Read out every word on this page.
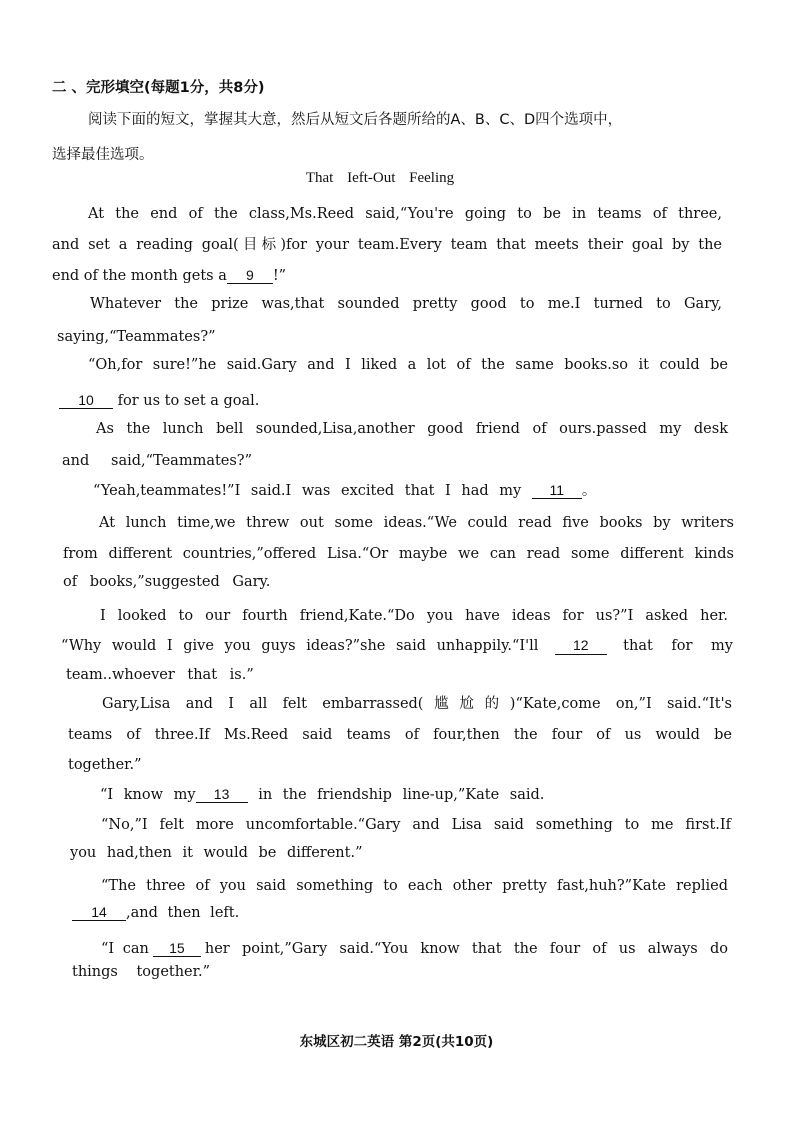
二 、完形填空(每题1分，共8分)
阅读下面的短文，掌握其大意，然后从短文后各题所给的A、B、C、D四个选项中，
选择最佳选项。
That Ieft-Out Feeling
At the end of the class,Ms.Reed said,“You're going to be in teams of three,
and set a reading goal(目标)for your team.Every team that meets their goal by the
end of the month gets a 9 !”
Whatever the prize was,that sounded pretty good to me.I turned to Gary,
saying,“Teammates?”
“Oh,for sure!”he said.Gary and I liked a lot of the same books.so it could be
10 for us to set a goal.
As the lunch bell sounded,Lisa,another good friend of ours.passed my desk
and said,“Teammates?”
“Yeah,teammates!”I said.I was excited that I had my 11 。
At lunch time,we threw out some ideas.“We could read five books by writers
from different countries,”offered Lisa.“Or maybe we can read some different kinds
of books,”suggested Gary.
I looked to our fourth friend,Kate.“Do you have ideas for us?”I asked her.
“Why would I give you guys ideas?”she said unhappily.“I'll	12	that for my
team..whoever that is.”
Gary,Lisa and I all felt embarrassed(尴尬的)“Kate,come on,”I said.“It's
teams of three.If Ms.Reed said teams of four,then the four of us would be
together.”
“I know my 13 in the friendship line-up,”Kate said.
“No,”I felt more uncomfortable.“Gary and Lisa said something to me first.If
you had,then it would be different.”
“The three of you said something to each other pretty fast,huh?”Kate replied
14 ,and then left.
“I can	15	her point,”Gary said.“You know that the four of us always do
things together.”
东城区初二英语 第2页(共10页)
